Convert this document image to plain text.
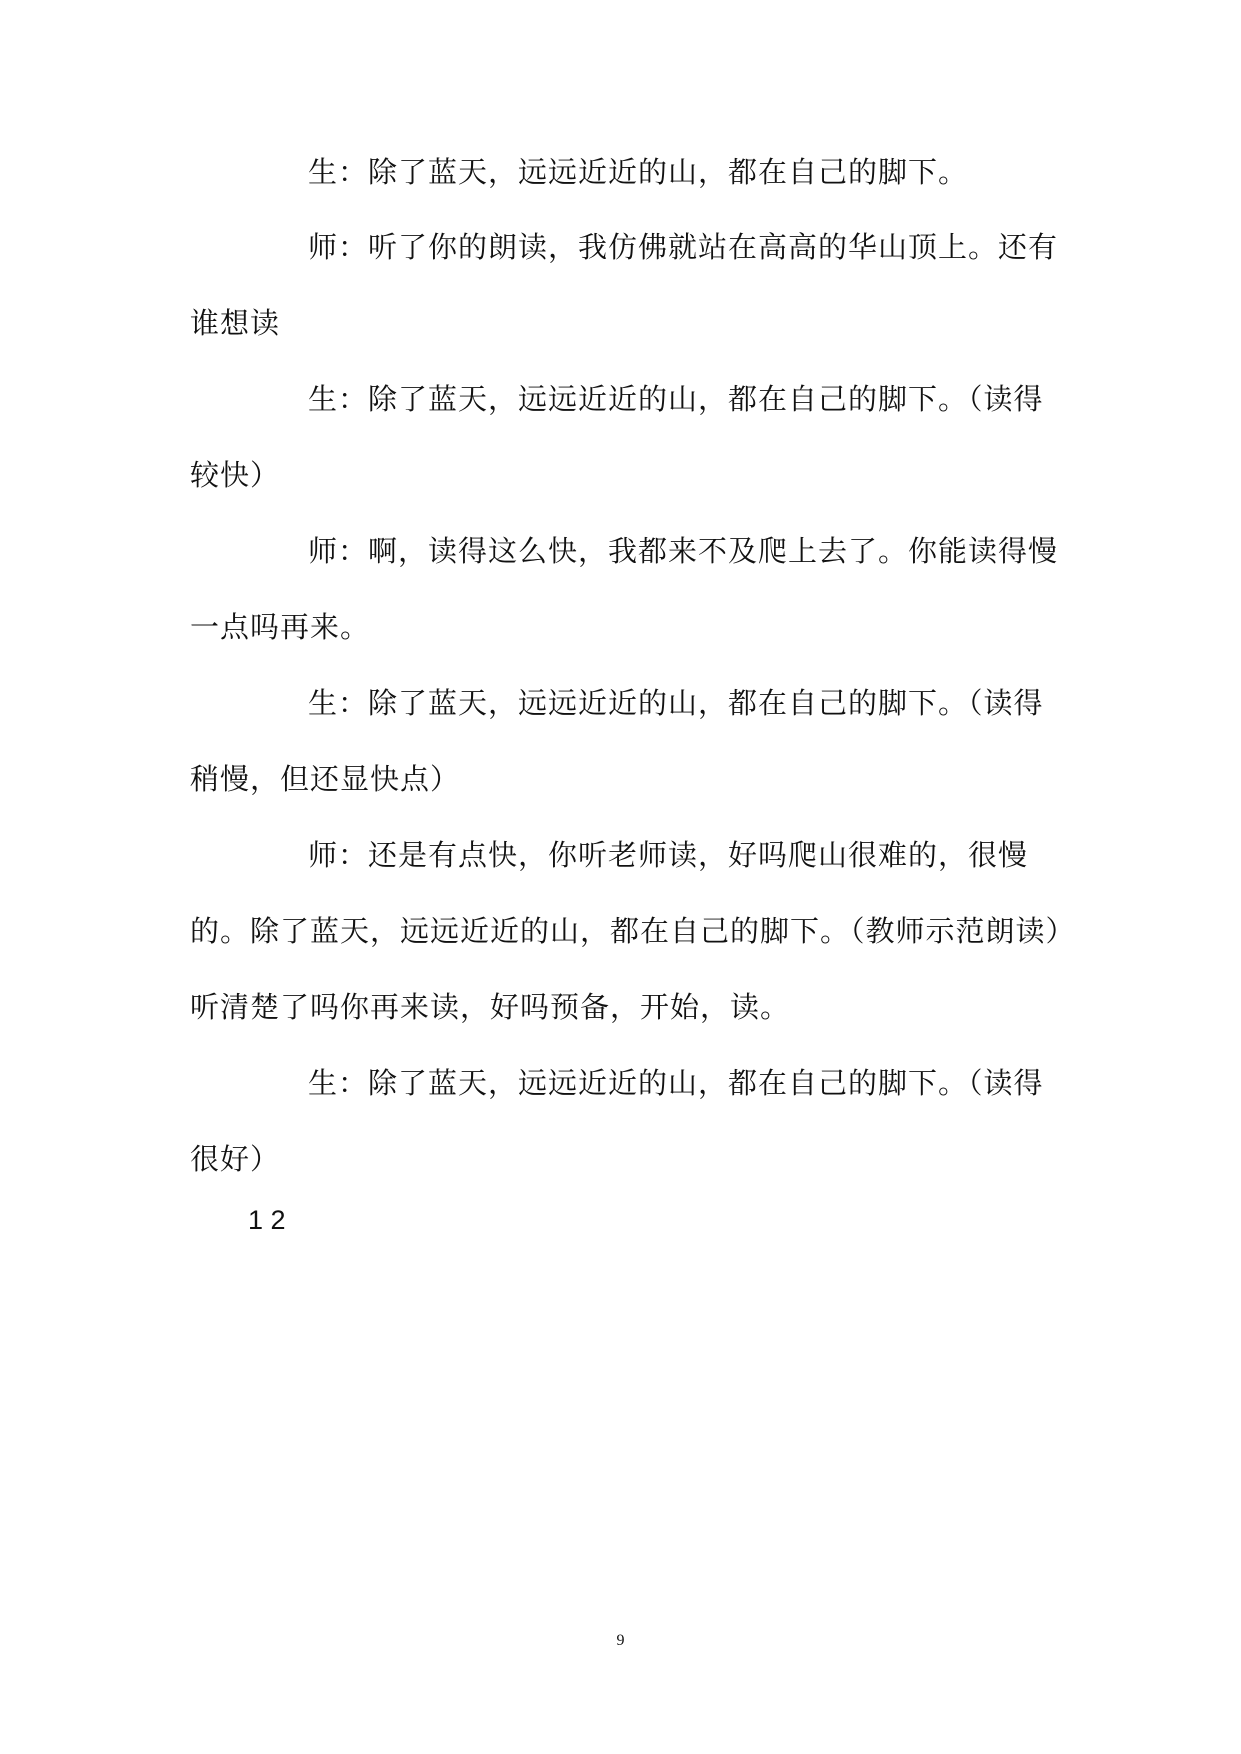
生：除了蓝天，远远近近的山，都在自己的脚下。

师：听了你的朗读，我仿佛就站在高高的华山顶上。还有谁想读

生：除了蓝天，远远近近的山，都在自己的脚下。（读得较快）

师：啊，读得这么快，我都来不及爬上去了。你能读得慢一点吗再来。

生：除了蓝天，远远近近的山，都在自己的脚下。（读得稍慢，但还显快点）

师：还是有点快，你听老师读，好吗爬山很难的，很慢的。除了蓝天，远远近近的山，都在自己的脚下。（教师示范朗读）听清楚了吗你再来读，好吗预备，开始，读。

生：除了蓝天，远远近近的山，都在自己的脚下。（读得很好）

1 2
9
